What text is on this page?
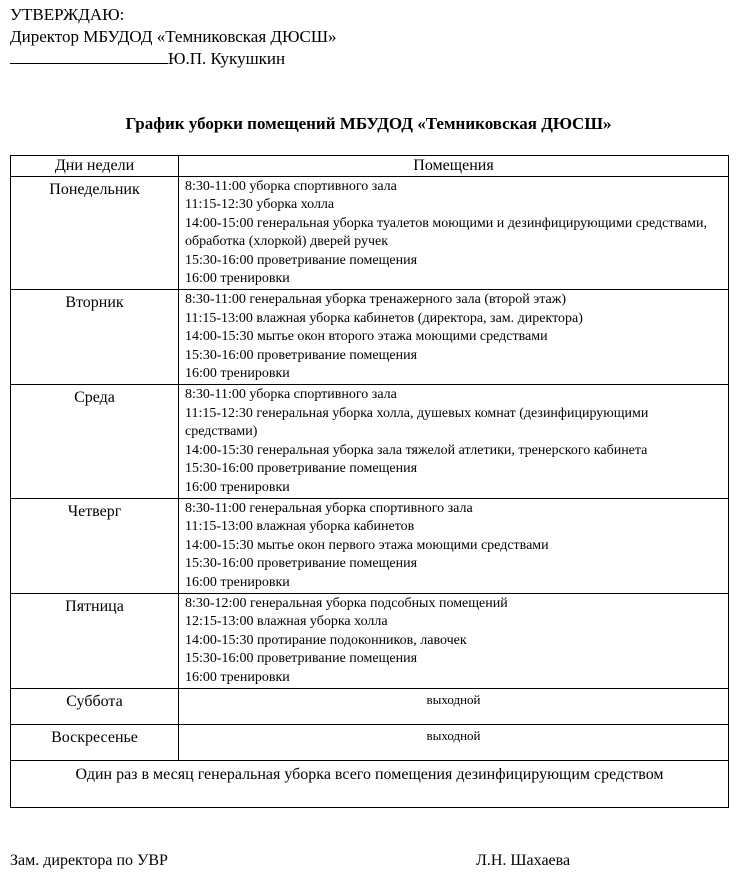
УТВЕРЖДАЮ:
Директор МБУДОД «Темниковская ДЮСШ»
Ю.П. Кукушкин
График уборки помещений МБУДОД «Темниковская ДЮСШ»
Дни недели	Помещения
Понедельник	8:30-11:00 уборка спортивного зала
11:15-12:30 уборка холла
14:00-15:00 генеральная уборка туалетов моющими и дезинфицирующими средствами, обработка (хлоркой) дверей ручек
15:30-16:00 проветривание помещения
16:00 тренировки

Вторник	8:30-11:00 генеральная уборка тренажерного зала (второй этаж)
11:15-13:00 влажная уборка кабинетов (директора, зам. директора)
14:00-15:30 мытье окон второго этажа моющими средствами
15:30-16:00 проветривание помещения
16:00 тренировки

Среда	8:30-11:00 уборка спортивного зала
11:15-12:30 генеральная уборка холла, душевых комнат (дезинфицирующими средствами)
14:00-15:30 генеральная уборка зала тяжелой атлетики, тренерского кабинета
15:30-16:00 проветривание помещения
16:00 тренировки

Четверг	8:30-11:00 генеральная уборка спортивного зала
11:15-13:00 влажная уборка кабинетов
14:00-15:30 мытье окон первого этажа моющими средствами
15:30-16:00 проветривание помещения
16:00 тренировки

Пятница	8:30-12:00 генеральная уборка подсобных помещений
12:15-13:00 влажная уборка холла
14:00-15:30 протирание подоконников, лавочек
15:30-16:00 проветривание помещения
16:00 тренировки

Суббота	выходной
Воскресенье	выходной
Один раз в месяц генеральная уборка всего помещения дезинфицирующим средством	
Зам. директора по УВР	Л.Н. Шахаева
